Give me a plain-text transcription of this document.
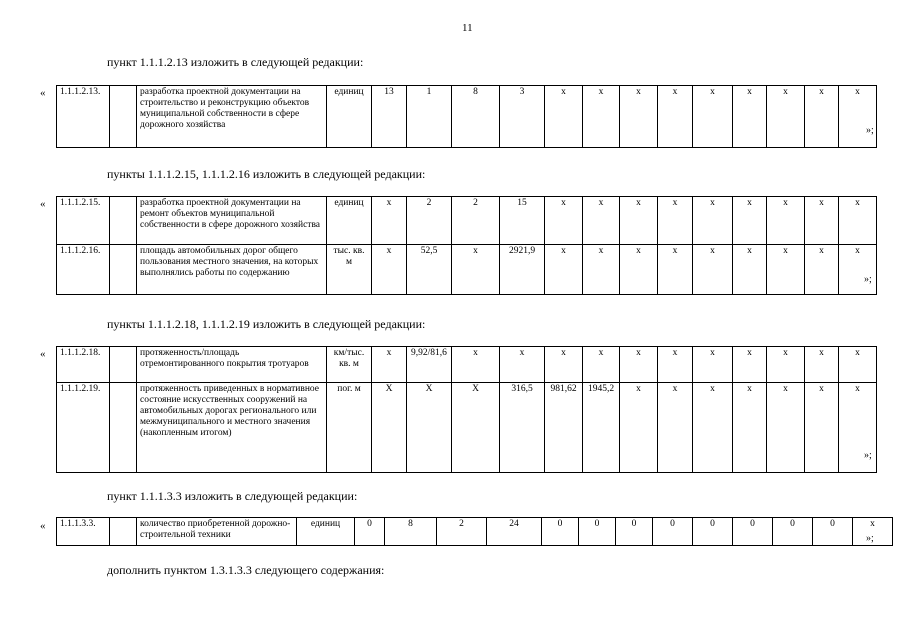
11
пункт 1.1.1.2.13 изложить в следующей редакции:
« 1.1.1.2.13.		разработка проектной документации на строительство и реконструкцию объектов муниципальной собственности в сфере дорожного хозяйства	единиц	13	1	8	3	х	х	х	х	х	х	х	х	х
»;
пункты 1.1.1.2.15, 1.1.1.2.16 изложить в следующей редакции:
« 1.1.1.2.15.		разработка проектной документации на ремонт объектов муниципальной собственности в сфере дорожного хозяйства	единиц	х	2	2	15	х	х	х	х	х	х	х	х	х
1.1.1.2.16.		площадь автомобильных дорог общего пользования местного значения, на которых выполнялись работы по содержанию	тыс. кв. м	х	52,5	х	2921,9	х	х	х	х	х	х	х	х	х
»;
пункты 1.1.1.2.18, 1.1.1.2.19 изложить в следующей редакции:
« 1.1.1.2.18.		протяженность/площадь отремонтированного покрытия тротуаров	км/тыс. кв. м	х	9,92/81,6	х	х	х	х	х	х	х	х	х	х	х
1.1.1.2.19.		протяженность приведенных в нормативное состояние искусственных сооружений на автомобильных дорогах регионального или межмуниципального и местного значения (накопленным итогом)	пог. м	Х	Х	Х	316,5	981,62	1945,2	х	х	х	х	х	х	х
»;
пункт 1.1.1.3.3 изложить в следующей редакции:
« 1.1.1.3.3.		количество приобретенной дорожно-строительной техники	единиц	0	8	2	24	0	0	0	0	0	0	0	0	х
»;
дополнить пунктом 1.3.1.3.3 следующего содержания:
